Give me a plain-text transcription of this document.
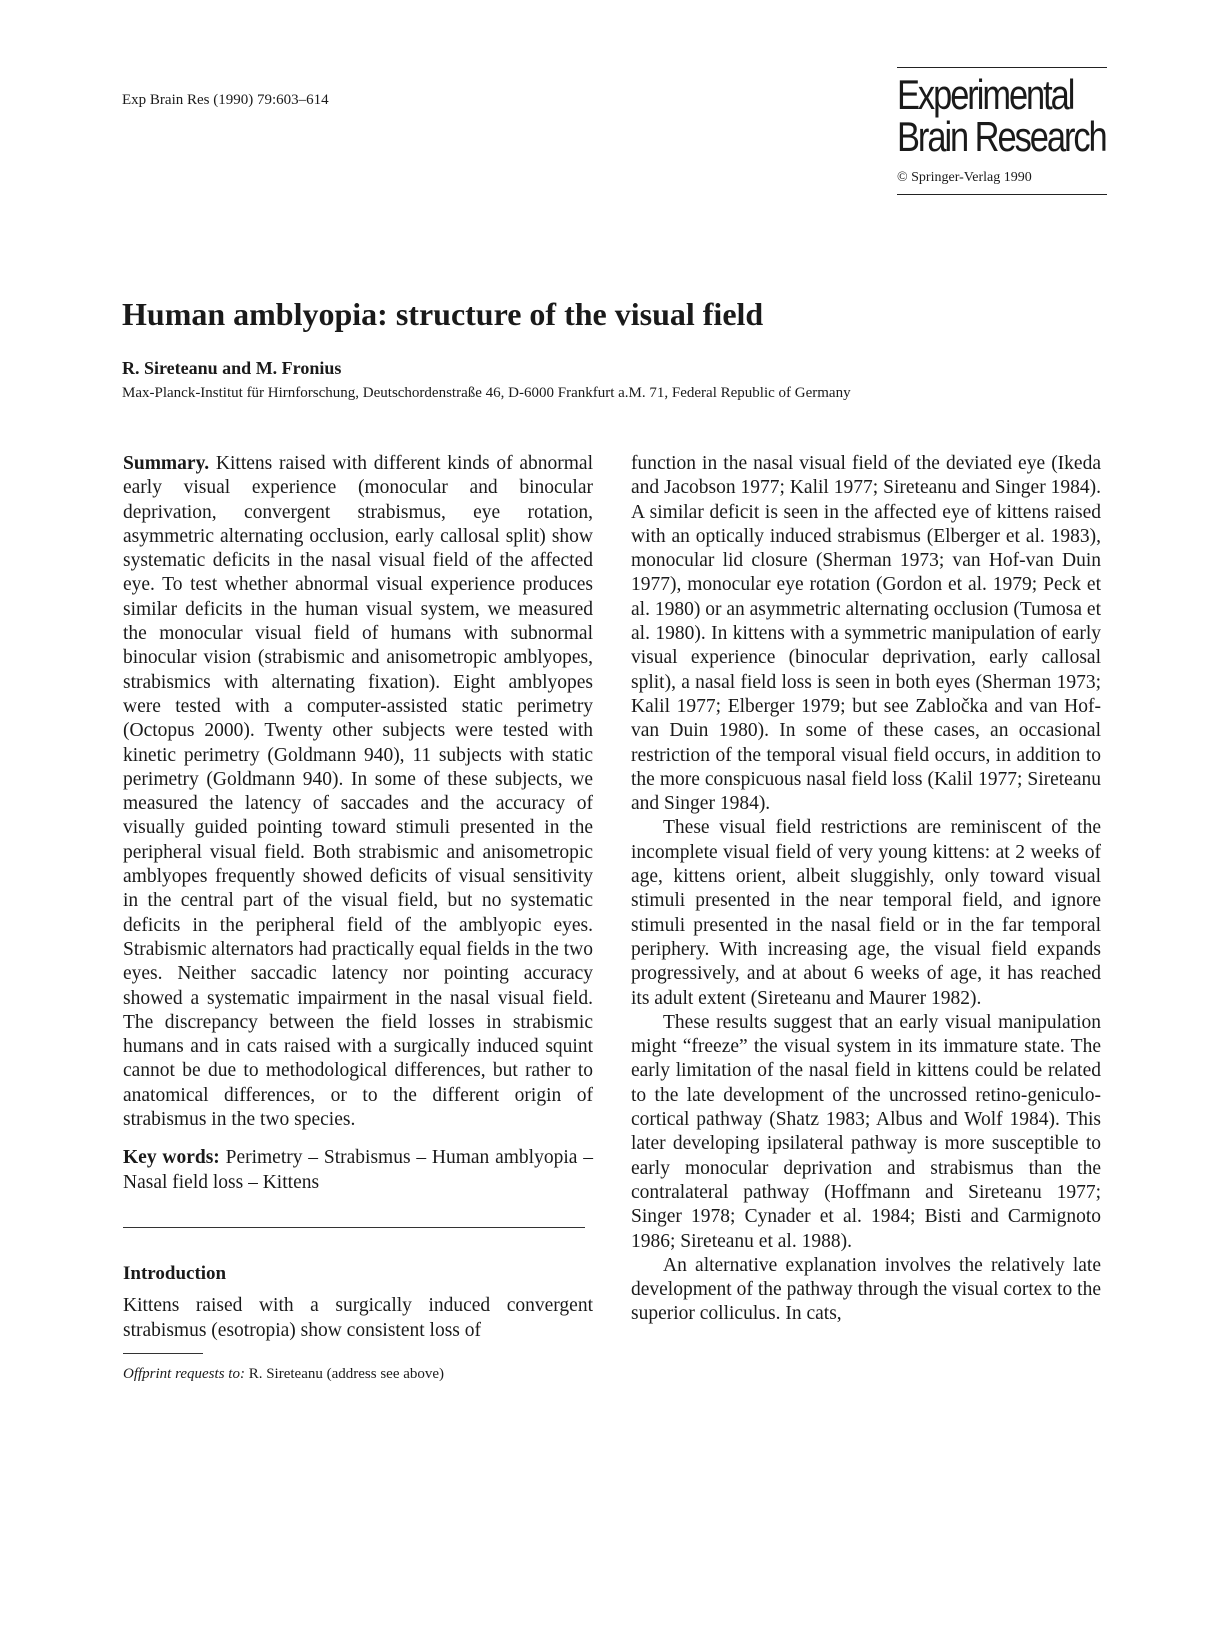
Exp Brain Res (1990) 79:603–614	Experimental
Brain Research
© Springer-Verlag 1990
Human amblyopia: structure of the visual field
R. Sireteanu and M. Fronius
Max-Planck-Institut für Hirnforschung, Deutschordenstraße 46, D-6000 Frankfurt a.M. 71, Federal Republic of Germany

Summary. Kittens raised with different kinds of abnormal early visual experience (monocular and binocular deprivation, convergent strabismus, eye rotation, asymmetric alternating occlusion, early callosal split) show systematic deficits in the nasal visual field of the affected eye. To test whether abnormal visual experience produces similar deficits in the human visual system, we measured the monocular visual field of humans with subnormal binocular vision (strabismic and anisometropic amblyopes, strabismics with alternating fixation). Eight amblyopes were tested with a computer-assisted static perimetry (Octopus 2000). Twenty other subjects were tested with kinetic perimetry (Goldmann 940), 11 subjects with static perimetry (Goldmann 940). In some of these subjects, we measured the latency of saccades and the accuracy of visually guided pointing toward stimuli presented in the peripheral visual field. Both strabismic and anisometropic amblyopes frequently showed deficits of visual sensitivity in the central part of the visual field, but no systematic deficits in the peripheral field of the amblyopic eyes. Strabismic alternators had practically equal fields in the two eyes. Neither saccadic latency nor pointing accuracy showed a systematic impairment in the nasal visual field. The discrepancy between the field losses in strabismic humans and in cats raised with a surgically induced squint cannot be due to methodological differences, but rather to anatomical differences, or to the different origin of strabismus in the two species.

Key words: Perimetry – Strabismus – Human amblyopia – Nasal field loss – Kittens

Introduction

Kittens raised with a surgically induced convergent strabismus (esotropia) show consistent loss of

Offprint requests to: R. Sireteanu (address see above)

function in the nasal visual field of the deviated eye (Ikeda and Jacobson 1977; Kalil 1977; Sireteanu and Singer 1984). A similar deficit is seen in the affected eye of kittens raised with an optically induced strabismus (Elberger et al. 1983), monocular lid closure (Sherman 1973; van Hof-van Duin 1977), monocular eye rotation (Gordon et al. 1979; Peck et al. 1980) or an asymmetric alternating occlusion (Tumosa et al. 1980). In kittens with a symmetric manipulation of early visual experience (binocular deprivation, early callosal split), a nasal field loss is seen in both eyes (Sherman 1973; Kalil 1977; Elberger 1979; but see Zabločka and van Hof-van Duin 1980). In some of these cases, an occasional restriction of the temporal visual field occurs, in addition to the more conspicuous nasal field loss (Kalil 1977; Sireteanu and Singer 1984).

These visual field restrictions are reminiscent of the incomplete visual field of very young kittens: at 2 weeks of age, kittens orient, albeit sluggishly, only toward visual stimuli presented in the near temporal field, and ignore stimuli presented in the nasal field or in the far temporal periphery. With increasing age, the visual field expands progressively, and at about 6 weeks of age, it has reached its adult extent (Sireteanu and Maurer 1982).

These results suggest that an early visual manipulation might “freeze” the visual system in its immature state. The early limitation of the nasal field in kittens could be related to the late development of the uncrossed retino-geniculo-cortical pathway (Shatz 1983; Albus and Wolf 1984). This later developing ipsilateral pathway is more susceptible to early monocular deprivation and strabismus than the contralateral pathway (Hoffmann and Sireteanu 1977; Singer 1978; Cynader et al. 1984; Bisti and Carmignoto 1986; Sireteanu et al. 1988).

An alternative explanation involves the relatively late development of the pathway through the visual cortex to the superior colliculus. In cats,
